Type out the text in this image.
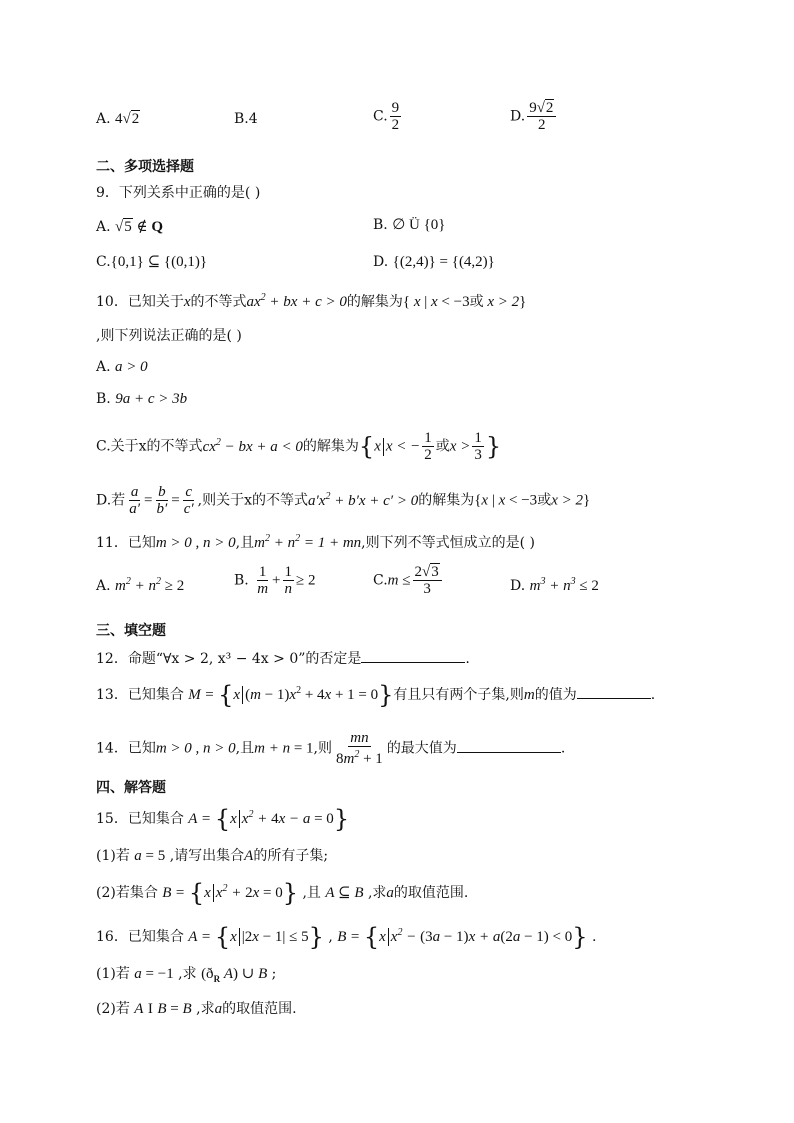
A. 4√2	B.4	C. $\frac{9}{2}$	D. $\frac{9√2}{2}$
二、多项选择题
9．下列关系中正确的是( )
A. √5 ∉ Q	B. ∅ Ü {0}
C.{0,1} ⊆ {(0,1)}	D. {(2,4)} = {(4,2)}
10．已知关于x的不等式$ax^2$ + bx + c > 0的解集为{ x | x < −3或 x > 2}
,则下列说法正确的是( )
A. a > 0
B. 9a + c > 3b
C.关于x的不等式$cx^2$ − bx + a < 0的解集为{x x < − $\frac{1}{2}$ 或$x > \frac{1}{3}$ }
D.若 $\frac{a}{a'} = \frac{b}{b'} = \frac{c}{c'}$ ,则关于x的不等式$a'x^2 + b'x + c' > 0$的解集为{x | x < −3或x > 2}
11．已知m > 0 , n > 0,且$m^2 + n^2 = 1$ + mn,则下列不等式恒成立的是( )
A. $m^2 + n^2 \ge 2$	B. $\frac{1}{m} + \frac{1}{n} \ge 2$	$C.m \le \frac{2√3}{3}$	D. $m^3 + n^3 \le 2$
三、填空题
12．命题“∀x > 2, x³ − 4x > 0”的否定是	.
13．已知集合 M = {x $(m - 1)x^2 + 4x + 1 = 0$}有且只有两个子集,则m的值为	.
14．已知m > 0 , n > 0,且m + n = 1,则 $\frac{mn}{8m^2 + 1}$ 的最大值为	.
四、解答题
15．已知集合 A = {x $x^2 + 4x - a = 0$}
(1)若 a = 5 ,请写出集合A的所有子集;
(2)若集合 B = {x $x^2 + 2x = 0$} ,且 A ⊆ B ,求a的取值范围.
16．已知集合 A = {x |2x − 1| ≤ 5} , B = {x $x^2 - (3a - 1)x + a(2a - 1) < 0$} .
(1)若 a = −1 ,求 ($ð_R$ A) ∪ B ;
(2)若 A I B = B ,求a的取值范围.
